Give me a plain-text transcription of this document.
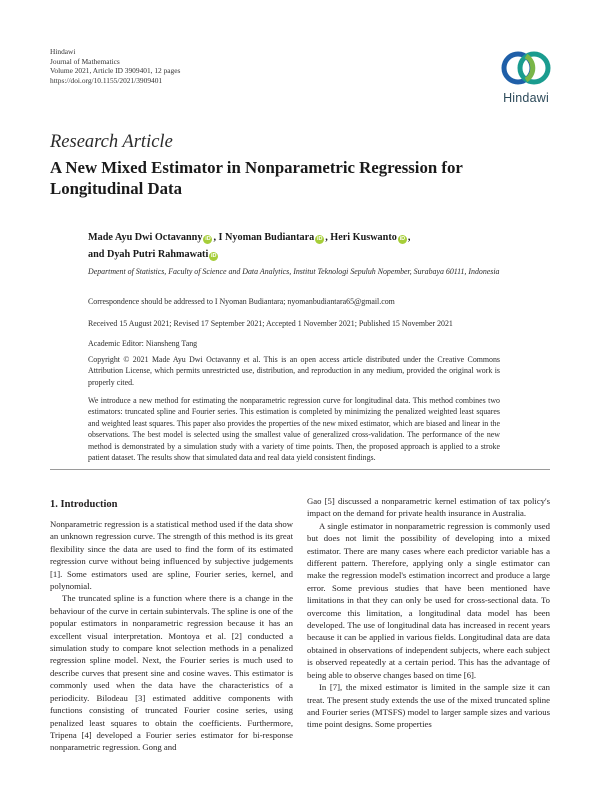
Hindawi
Journal of Mathematics
Volume 2021, Article ID 3909401, 12 pages
https://doi.org/10.1155/2021/3909401
Hindawi
Research Article
A New Mixed Estimator in Nonparametric Regression for Longitudinal Data
Made Ayu Dwi Octavanny iD , I Nyoman Budiantara iD , Heri Kuswanto iD ,
and Dyah Putri Rahmawati iD
Department of Statistics, Faculty of Science and Data Analytics, Institut Teknologi Sepuluh Nopember, Surabaya 60111, Indonesia
Correspondence should be addressed to I Nyoman Budiantara; nyomanbudiantara65@gmail.com
Received 15 August 2021; Revised 17 September 2021; Accepted 1 November 2021; Published 15 November 2021
Academic Editor: Niansheng Tang
Copyright © 2021 Made Ayu Dwi Octavanny et al. This is an open access article distributed under the Creative Commons Attribution License, which permits unrestricted use, distribution, and reproduction in any medium, provided the original work is properly cited.
We introduce a new method for estimating the nonparametric regression curve for longitudinal data. This method combines two estimators: truncated spline and Fourier series. This estimation is completed by minimizing the penalized weighted least squares and weighted least squares. This paper also provides the properties of the new mixed estimator, which are biased and linear in the observations. The best model is selected using the smallest value of generalized cross-validation. The performance of the new method is demonstrated by a simulation study with a variety of time points. Then, the proposed approach is applied to a stroke patient dataset. The results show that simulated data and real data yield consistent findings.
1. Introduction

Nonparametric regression is a statistical method used if the data show an unknown regression curve. The strength of this method is its great flexibility since the data are used to find the form of its estimated regression curve without being influenced by subjective judgements [1]. Some estimators used are spline, Fourier series, kernel, and polynomial.

The truncated spline is a function where there is a change in the behaviour of the curve in certain subintervals. The spline is one of the popular estimators in nonparametric regression because it has an excellent visual interpretation. Montoya et al. [2] conducted a simulation study to compare knot selection methods in a penalized regression spline model. Next, the Fourier series is much used to describe curves that present sine and cosine waves. This estimator is commonly used when the data have the characteristics of a periodicity. Bilodeau [3] estimated additive components with functions consisting of truncated Fourier cosine series, using penalized least squares to obtain the coefficients. Furthermore, Tripena [4] developed a Fourier series estimator for bi-response nonparametric regression. Gong and

Gao [5] discussed a nonparametric kernel estimation of tax policy's impact on the demand for private health insurance in Australia.

A single estimator in nonparametric regression is commonly used but does not limit the possibility of developing into a mixed estimator. There are many cases where each predictor variable has a different pattern. Therefore, applying only a single estimator can make the regression model's estimation incorrect and produce a large error. Some previous studies that have been mentioned have limitations in that they can only be used for cross-sectional data. To overcome this limitation, a longitudinal data model has been developed. The use of longitudinal data has increased in recent years because it can be applied in various fields. Longitudinal data are data obtained in observations of independent subjects, where each subject is observed repeatedly at a certain period. This has the advantage of being able to observe changes based on time [6].

In [7], the mixed estimator is limited in the sample size it can treat. The present study extends the use of the mixed truncated spline and Fourier series (MTSFS) model to larger sample sizes and various time point designs. Some properties
